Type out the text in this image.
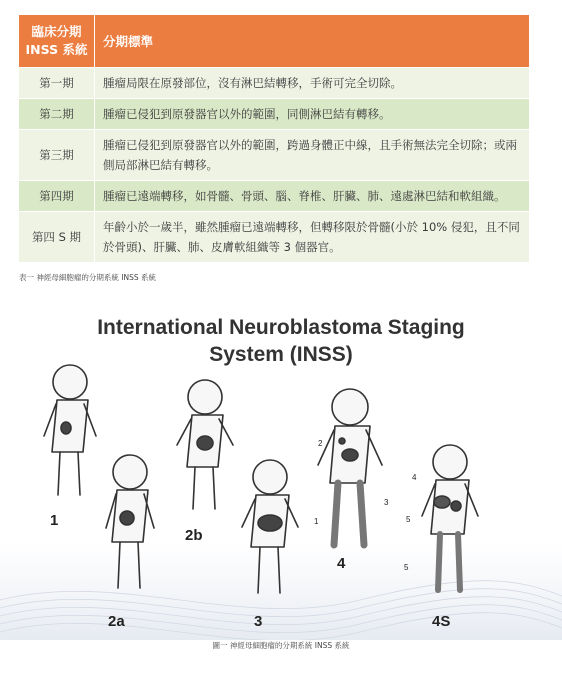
臨床分期 INSS 系統	分期標準
第一期	腫瘤局限在原發部位，沒有淋巴結轉移，手術可完全切除。
第二期	腫瘤已侵犯到原發器官以外的範圍，同側淋巴結有轉移。
第三期	腫瘤已侵犯到原發器官以外的範圍，跨過身體正中線，且手術無法完全切除；或兩側局部淋巴結有轉移。
第四期	腫瘤已遠端轉移，如骨髓、骨頭、腦、脊椎、肝臟、肺、遠處淋巴結和軟組織。
第四 S 期	年齡小於一歲半，雖然腫瘤已遠端轉移，但轉移限於骨髓(小於 10% 侵犯，且不同於骨頭)、肝臟、肺、皮膚軟組織等 3 個器官。
表一 神經母細胞瘤的分期系統 INSS 系統
1
2
3
4
5
5
International Neuroblastoma Staging
System (INSS)
1
2a
2b
3
4
4S
圖一 神經母細胞瘤的分期系統 INSS 系統
